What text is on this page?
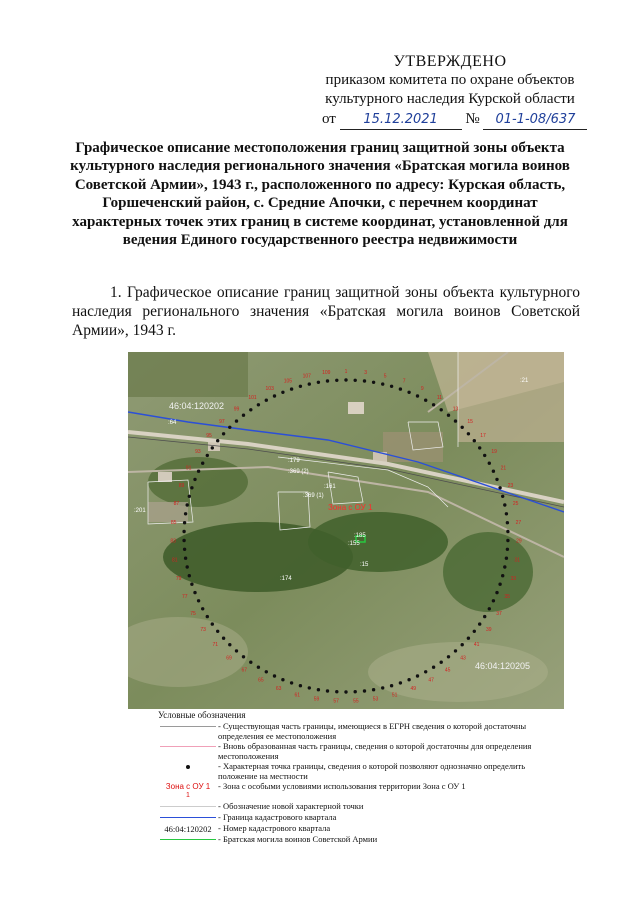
УТВЕРЖДЕНО
приказом комитета по охране объектов
культурного наследия Курской области
от 15.12.2021 № 01-1-08/637
Графическое описание местоположения границ защитной зоны объекта культурного наследия регионального значения «Братская могила воинов Советской Армии», 1943 г., расположенного по адресу: Курская область, Горшеченский район, с. Средние Апочки, с перечнем координат характерных точек этих границ в системе координат, установленной для ведения Единого государственного реестра недвижимости
1. Графическое описание границ защитной зоны объекта культурного наследия регионального значения «Братская могила воинов Советской Армии», 1943 г.
1	3
5
7
9
11
13
15
17
19
21
23
25
27
29
31
33
35
37
39
41
43
45
47
49
51
53
55
57
59
61
63
65
67
69
71
73
75
77
79
81
83
85
87
89
91
93
95
97
99
101
103
105
107
109
46:04:120202
46:04:120205
Зона с ОУ 1
:21
:179
:369 (2)
:369 (1)
:161
:201
:185
:155
:15
:174
:64
Условные обозначения
- Существующая часть границы, имеющиеся в ЕГРН сведения о которой достаточны определения ее местоположения
- Вновь образованная часть границы, сведения о которой достаточны для определения местоположения
- Характерная точка границы, сведения о которой позволяют однозначно определить положение на местности
Зона с ОУ 1
1
- Зона с особыми условиями использования территории Зона с ОУ 1
- Обозначение новой характерной точки
- Граница кадастрового квартала
46:04:120202 - Номер кадастрового квартала
- Братская могила воинов Советской Армии
